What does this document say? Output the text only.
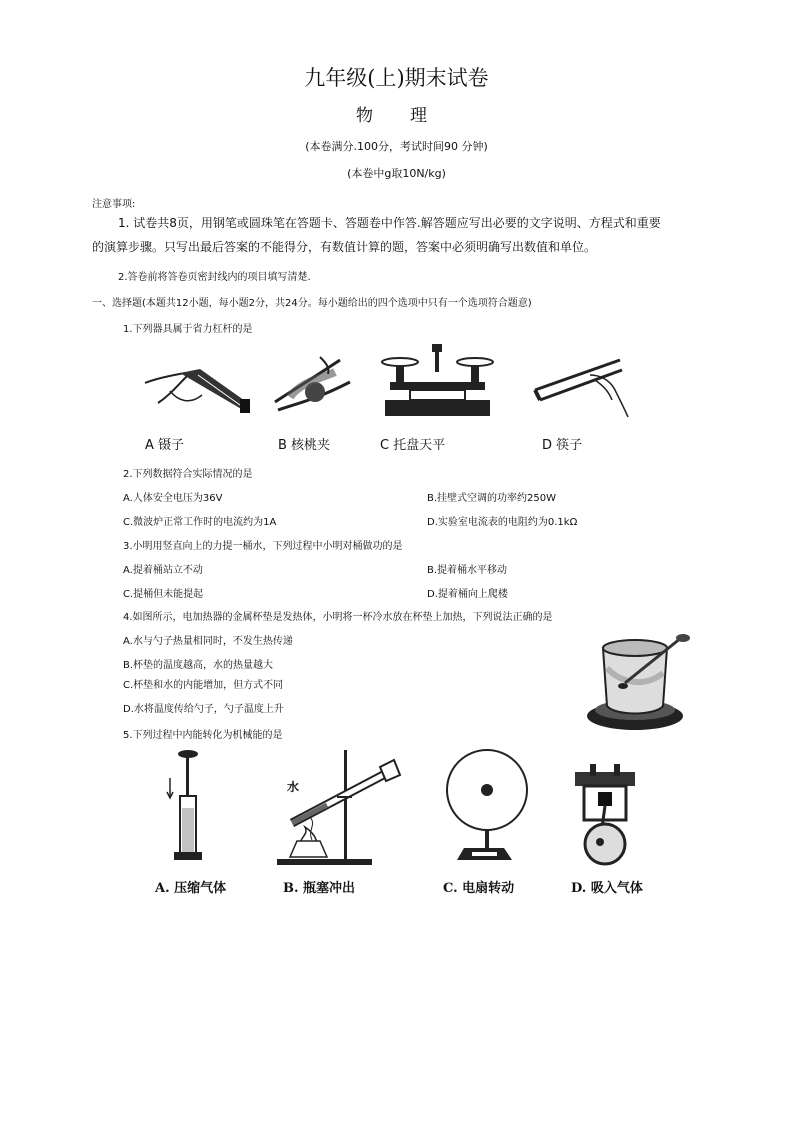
九年级(上)期末试卷
物　理
(本卷满分.100分，考试时间90 分钟)
(本卷中g取10N/kg)
注意事项:
1. 试卷共8页，用钢笔或圆珠笔在答题卡、答题卷中作答.解答题应写出必要的文字说明、方程式和重要
的演算步骤。只写出最后答案的不能得分，有数值计算的题，答案中必须明确写出数值和单位。
2.答卷前将答卷页密封线内的项目填写清楚.
一、选择题(本题共12小题，每小题2分，共24分。每小题给出的四个选项中只有一个选项符合题意)
1.下列器具属于省力杠杆的是
A 镊子	B 核桃夹	C 托盘天平	D 筷子
2.下列数据符合实际情况的是
A.人体安全电压为36V	B.挂壁式空调的功率约250W
C.微波炉正常工作时的电流约为1A	D.实验室电流表的电阻约为0.1kΩ
3.小明用竖直向上的力提一桶水，下列过程中小明对桶做功的是
A.提着桶站立不动	B.提着桶水平移动
C.提桶但未能提起	D.提着桶向上爬楼
4.如图所示，电加热器的金属杯垫是发热体，小明将一杯冷水放在杯垫上加热，下列说法正确的是
A.水与勺子热量相同时，不发生热传递
B.杯垫的温度越高，水的热量越大
C.杯垫和水的内能增加，但方式不同
D.水将温度传给勺子，勺子温度上升
5.下列过程中内能转化为机械能的是
水
A. 压缩气体	B. 瓶塞冲出	C. 电扇转动	D. 吸入气体
